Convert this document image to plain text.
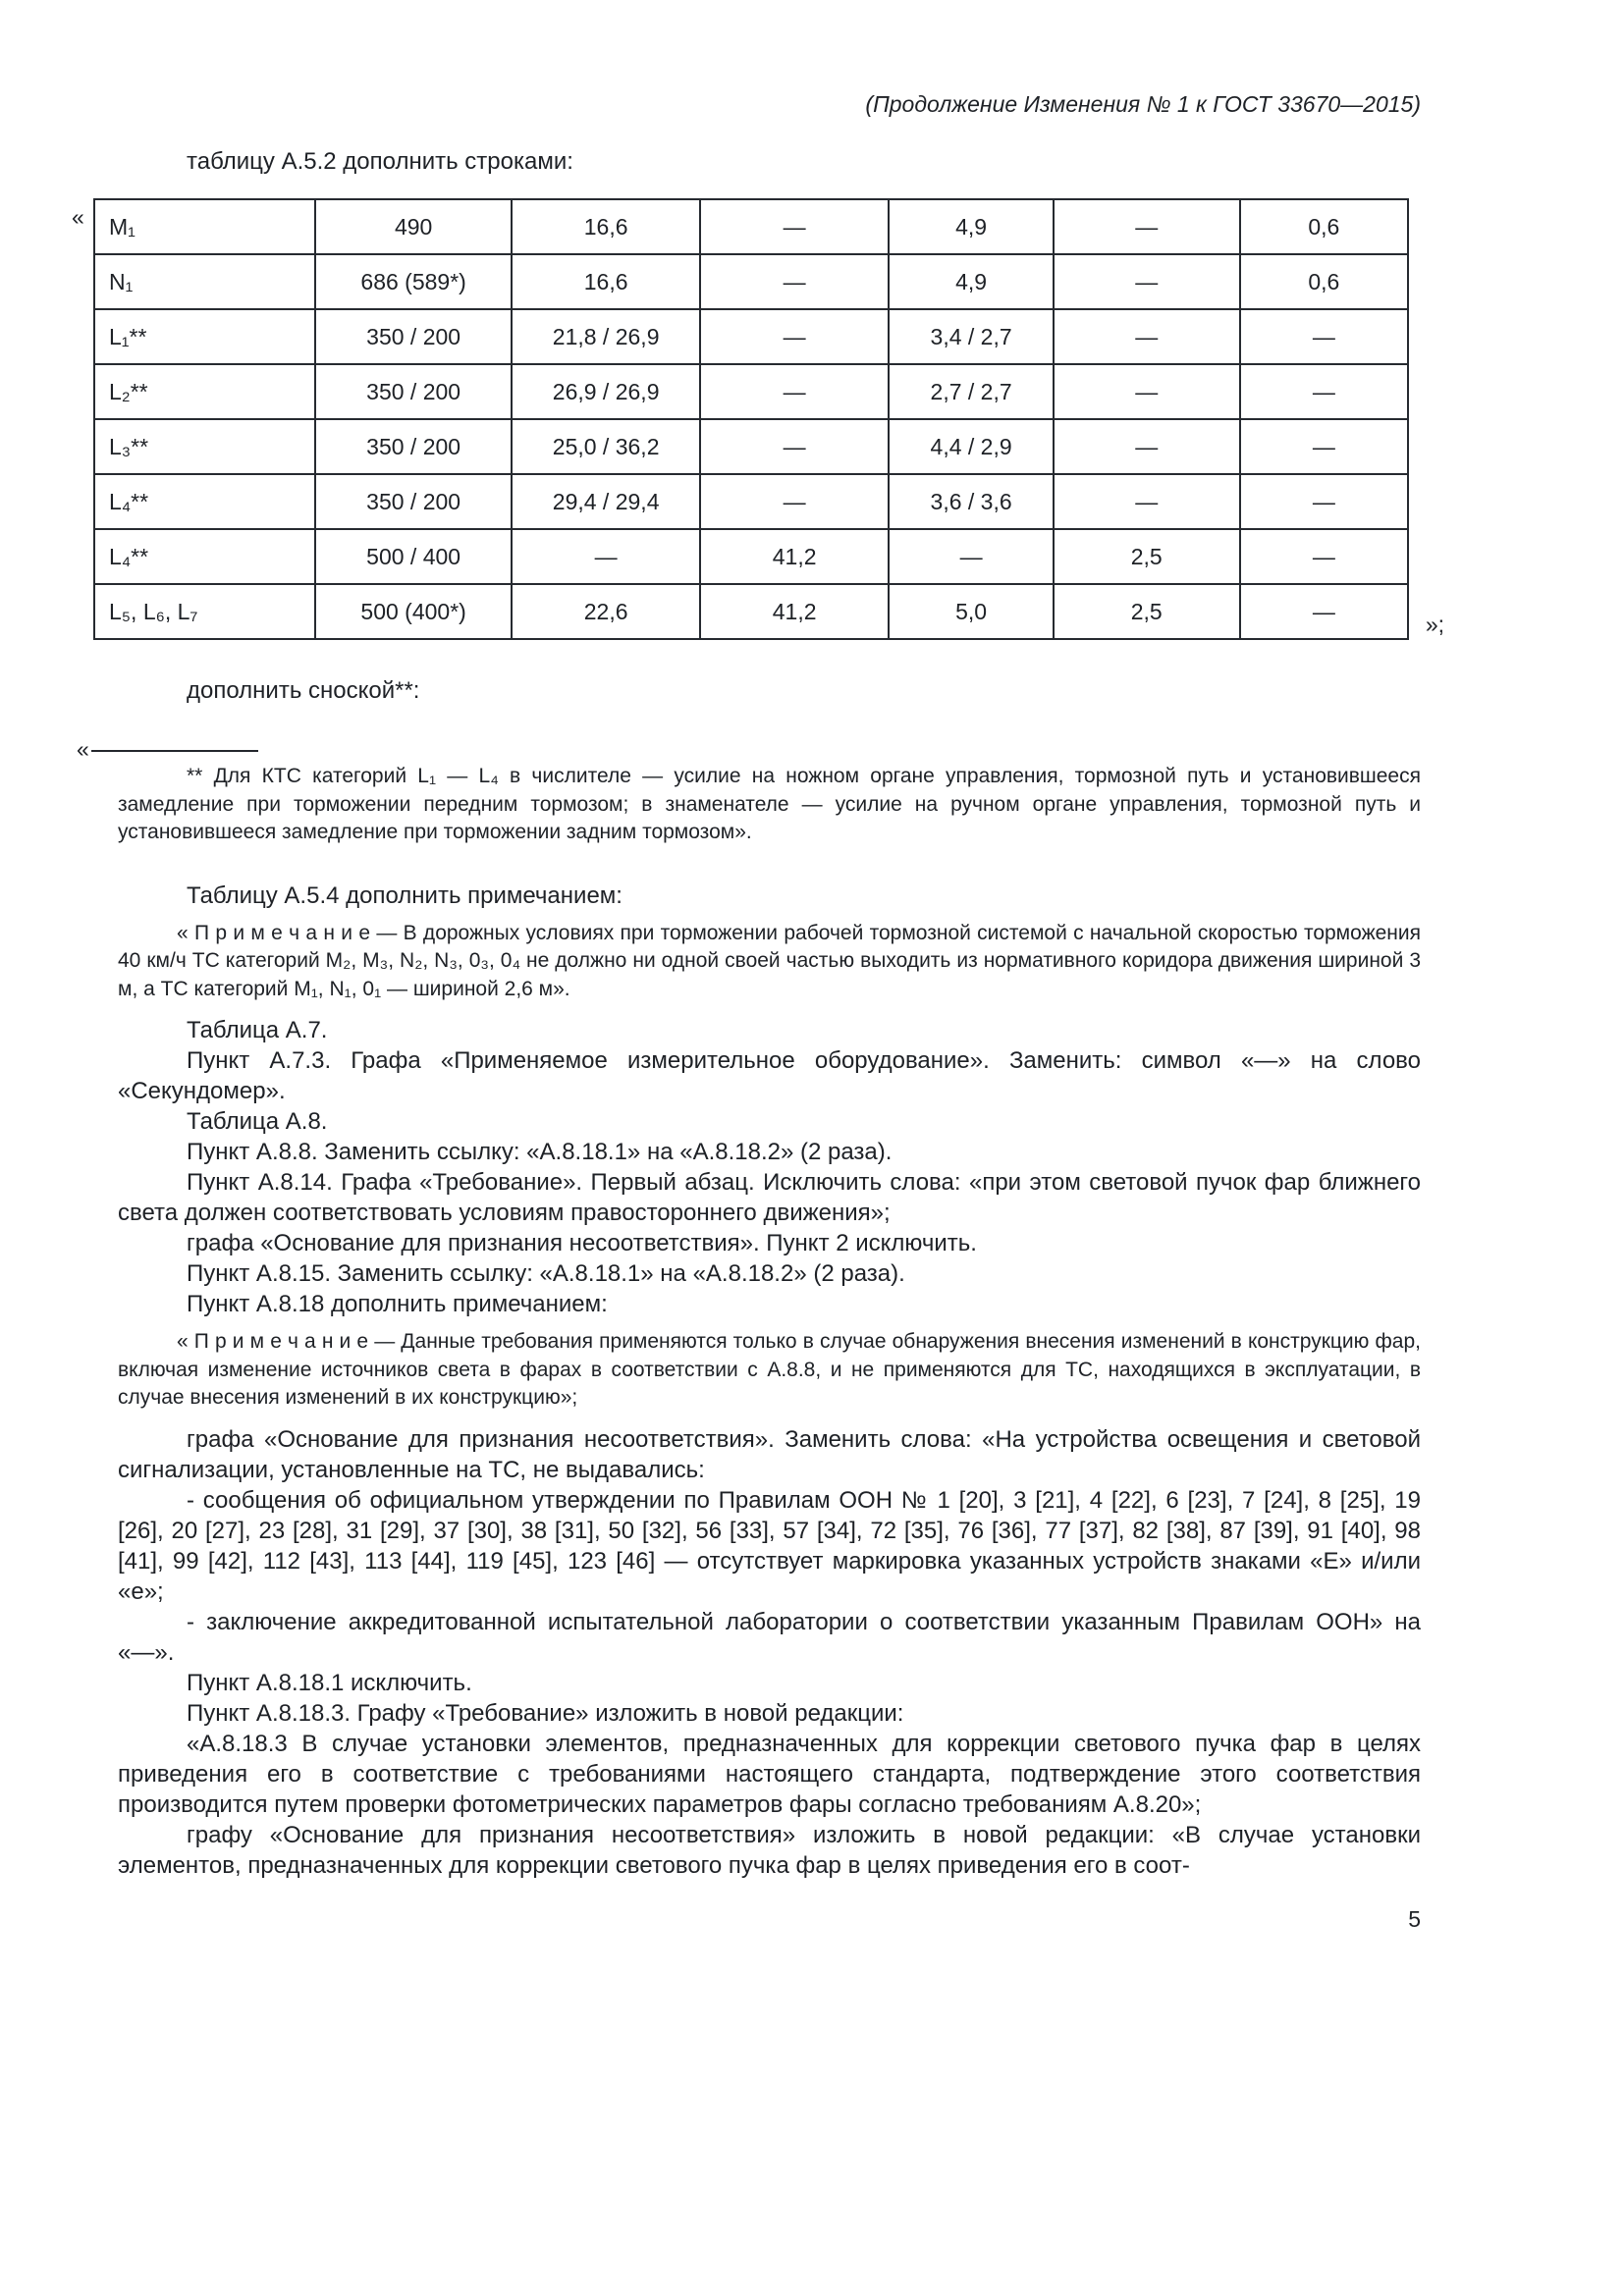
(Продолжение Изменения № 1 к ГОСТ 33670—2015)

таблицу А.5.2 дополнить строками:

« M₁	490	16,6	—	4,9	—	0,6
N₁	686 (589*)	16,6	—	4,9	—	0,6
L₁**	350 / 200	21,8 / 26,9	—	3,4 / 2,7	—	—
L₂**	350 / 200	26,9 / 26,9	—	2,7 / 2,7	—	—
L₃**	350 / 200	25,0 / 36,2	—	4,4 / 2,9	—	—
L₄**	350 / 200	29,4 / 29,4	—	3,6 / 3,6	—	—
L₄**	500 / 400	—	41,2	—	2,5	—
L₅, L₆, L₇	500 (400*)	22,6	41,2	5,0	2,5	—
»;

дополнить сноской**:

«

** Для КТС категорий L₁ — L₄ в числителе — усилие на ножном органе управления, тормозной путь и установившееся замедление при торможении передним тормозом; в знаменателе — усилие на ручном органе управления, тормозной путь и установившееся замедление при торможении задним тормозом».

Таблицу А.5.4 дополнить примечанием:

« П р и м е ч а н и е — В дорожных условиях при торможении рабочей тормозной системой с начальной скоростью торможения 40 км/ч ТС категорий M₂, M₃, N₂, N₃, 0₃, 0₄ не должно ни одной своей частью выходить из нормативного коридора движения шириной 3 м, а ТС категорий M₁, N₁, 0₁ — шириной 2,6 м».

Таблица А.7.

Пункт А.7.3. Графа «Применяемое измерительное оборудование». Заменить: символ «—» на слово «Секундомер».

Таблица А.8.

Пункт А.8.8. Заменить ссылку: «А.8.18.1» на «А.8.18.2» (2 раза).

Пункт А.8.14. Графа «Требование». Первый абзац. Исключить слова: «при этом световой пучок фар ближнего света должен соответствовать условиям правостороннего движения»;

графа «Основание для признания несоответствия». Пункт 2 исключить.

Пункт А.8.15. Заменить ссылку: «А.8.18.1» на «А.8.18.2» (2 раза).

Пункт А.8.18 дополнить примечанием:

« П р и м е ч а н и е — Данные требования применяются только в случае обнаружения внесения изменений в конструкцию фар, включая изменение источников света в фарах в соответствии с А.8.8, и не применяются для ТС, находящихся в эксплуатации, в случае внесения изменений в их конструкцию»;

графа «Основание для признания несоответствия». Заменить слова: «На устройства освещения и световой сигнализации, установленные на ТС, не выдавались:

- сообщения об официальном утверждении по Правилам ООН № 1 [20], 3 [21], 4 [22], 6 [23], 7 [24], 8 [25], 19 [26], 20 [27], 23 [28], 31 [29], 37 [30], 38 [31], 50 [32], 56 [33], 57 [34], 72 [35], 76 [36], 77 [37], 82 [38], 87 [39], 91 [40], 98 [41], 99 [42], 112 [43], 113 [44], 119 [45], 123 [46] — отсутствует маркировка указанных устройств знаками «Е» и/или «е»;

- заключение аккредитованной испытательной лаборатории о соответствии указанным Правилам ООН» на «—».

Пункт А.8.18.1 исключить.

Пункт А.8.18.3. Графу «Требование» изложить в новой редакции:

«А.8.18.3 В случае установки элементов, предназначенных для коррекции светового пучка фар в целях приведения его в соответствие с требованиями настоящего стандарта, подтверждение этого соответствия производится путем проверки фотометрических параметров фары согласно требованиям А.8.20»;

графу «Основание для признания несоответствия» изложить в новой редакции: «В случае установки элементов, предназначенных для коррекции светового пучка фар в целях приведения его в соот-

5
